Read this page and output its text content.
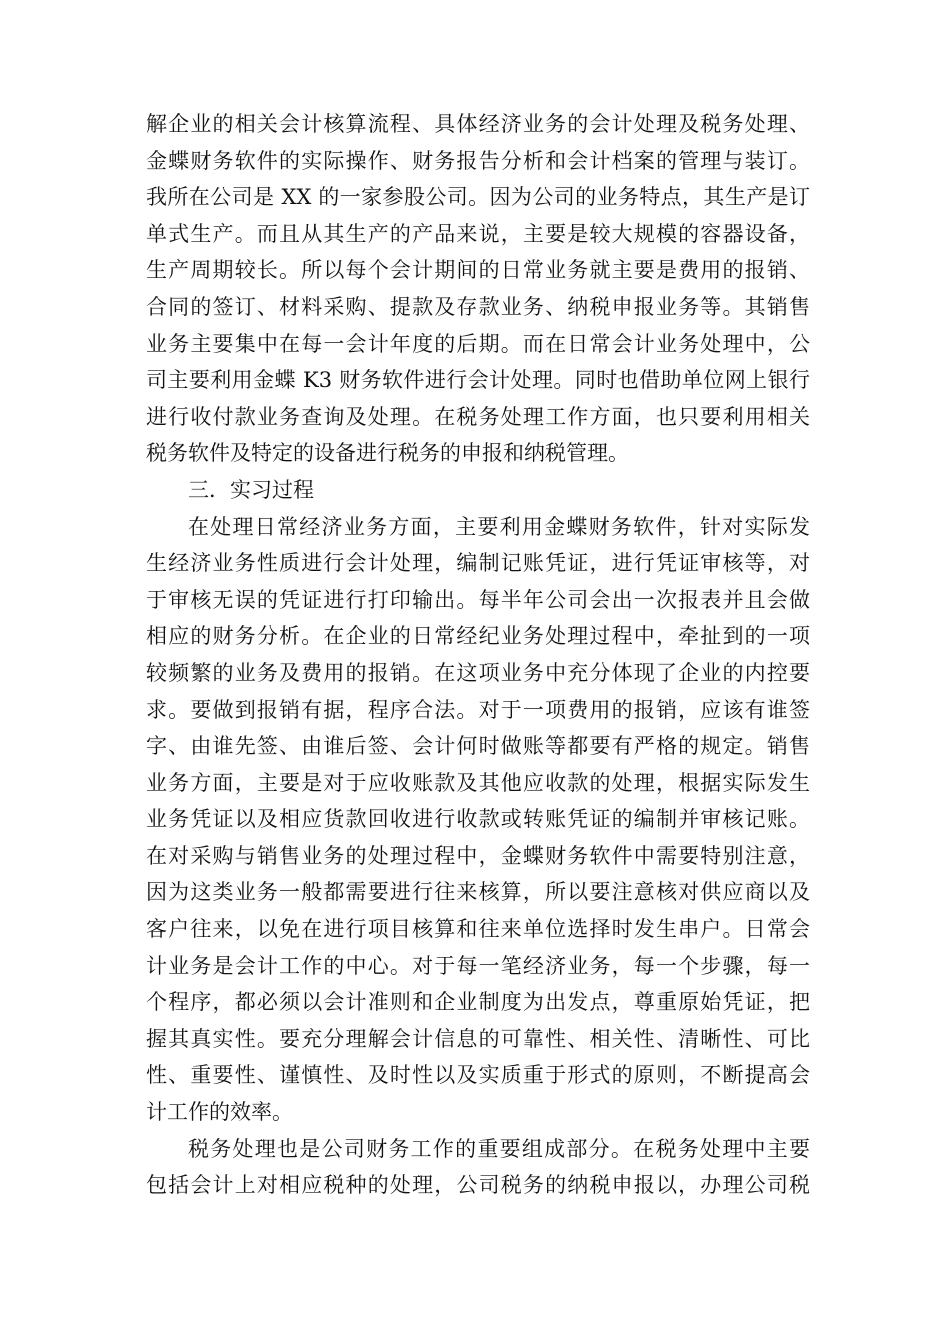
解企业的相关会计核算流程、具体经济业务的会计处理及税务处理、
金蝶财务软件的实际操作、财务报告分析和会计档案的管理与装订。
我所在公司是 XX 的一家参股公司。因为公司的业务特点，其生产是订
单式生产。而且从其生产的产品来说，主要是较大规模的容器设备，
生产周期较长。所以每个会计期间的日常业务就主要是费用的报销、
合同的签订、材料采购、提款及存款业务、纳税申报业务等。其销售
业务主要集中在每一会计年度的后期。而在日常会计业务处理中，公
司主要利用金蝶 K3 财务软件进行会计处理。同时也借助单位网上银行
进行收付款业务查询及处理。在税务处理工作方面，也只要利用相关
税务软件及特定的设备进行税务的申报和纳税管理。
三．实习过程
在处理日常经济业务方面，主要利用金蝶财务软件，针对实际发
生经济业务性质进行会计处理，编制记账凭证，进行凭证审核等，对
于审核无误的凭证进行打印输出。每半年公司会出一次报表并且会做
相应的财务分析。在企业的日常经纪业务处理过程中，牵扯到的一项
较频繁的业务及费用的报销。在这项业务中充分体现了企业的内控要
求。要做到报销有据，程序合法。对于一项费用的报销，应该有谁签
字、由谁先签、由谁后签、会计何时做账等都要有严格的规定。销售
业务方面，主要是对于应收账款及其他应收款的处理，根据实际发生
业务凭证以及相应货款回收进行收款或转账凭证的编制并审核记账。
在对采购与销售业务的处理过程中，金蝶财务软件中需要特别注意，
因为这类业务一般都需要进行往来核算，所以要注意核对供应商以及
客户往来，以免在进行项目核算和往来单位选择时发生串户。日常会
计业务是会计工作的中心。对于每一笔经济业务，每一个步骤，每一
个程序，都必须以会计准则和企业制度为出发点，尊重原始凭证，把
握其真实性。要充分理解会计信息的可靠性、相关性、清晰性、可比
性、重要性、谨慎性、及时性以及实质重于形式的原则，不断提高会
计工作的效率。
税务处理也是公司财务工作的重要组成部分。在税务处理中主要
包括会计上对相应税种的处理，公司税务的纳税申报以，办理公司税
